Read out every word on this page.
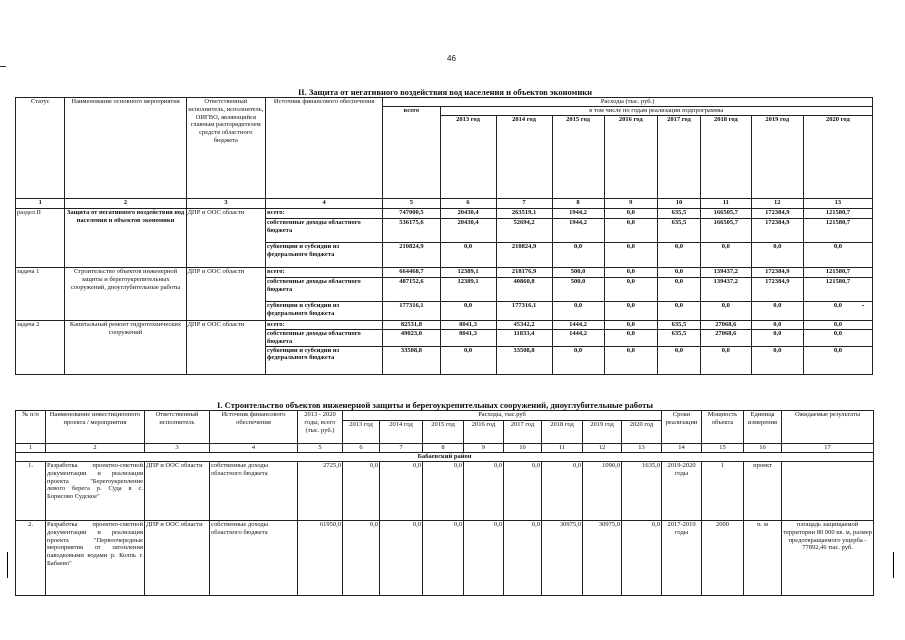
46
II. Защита от негативного воздействия вод населения и объектов экономики
Статус	Наименование основного мероприятия	Ответственный исполнитель, исполнитель, ОИГВО, являющийся главным распорядителем средств областного бюджета	Источник финансового обеспечения	Расходы (тыс. руб.)								
				всего	в том числе по годам реализации подпрограммы							
					2013 год	2014 год	2015 год	2016 год	2017 год	2018 год	2019 год	2020 год
1	2	3	4	5	6	7	8	9	10	11	12	13
раздел II	Защита от негативного воздействия вод населения и объектов экономики	ДПР и ООС области	всего:	747000,5	20430,4	263519,1	1944,2	0,0	635,5	166505,7	172384,9	121580,7
			собственные доходы областного бюджета	536175,6	20430,4	52694,2	1944,2	0,0	635,5	166505,7	172384,9	121580,7
			субвенции и субсидии из федерального бюджета	210824,9	0,0	210824,9	0,0	0,0	0,0	0,0	0,0	0,0
задача 1	Строительство объектов инженерной защиты и берегоукрепительных сооружений, дноуглубительные работы	ДПР и ООС области	всего:	664468,7	12389,1	218176,9	500,0	0,0	0,0	139437,2	172384,9	121580,7
			собственные доходы областного бюджета	487152,6	12389,1	40860,8	500,0	0,0	0,0	139437,2	172384,9	121580,7
			субвенции и субсидии из федерального бюджета	177316,1	0,0	177316,1	0,0	0,0	0,0	0,0	0,0	0,0
задача 2	Капитальный ремонт гидротехнических сооружений	ДПР и ООС области	всего:	82531,8	8041,3	45342,2	1444,2	0,0	635,5	27068,6	0,0	0,0
			собственные доходы областного бюджета	49023,0	8041,3	11833,4	1444,2	0,0	635,5	27068,6	0,0	0,0
			субвенции и субсидии из федерального бюджета	33508,8	0,0	33508,8	0,0	0,0	0,0	0,0	0,0	0,0
I. Строительство объектов инженерной защиты и берегоукрепительных сооружений, дноуглубительные работы
№ п/п	Наименование инвестиционного проекта / мероприятия	Ответственный исполнитель	Источник финансового обеспечения	2013 - 2020 годы, всего (тыс. руб.)	Расходы, тыс.руб								Сроки реализации	Мощность объекта	Единица измерения	Ожидаемые результаты
					2013 год	2014 год	2015 год	2016 год	2017 год	2018 год	2019 год	2020 год				
1	2	3	4	5	6	7	8	9	10	11	12	13	14	15	16	17
Бабаевский район																
1.	Разработка проектно-сметной документации и реализация проекта "Берегоукрепление левого берега р. Суда в с. Борисово Судское"	ДПР и ООС области	собственные доходы областного бюджета	2725,0	0,0	0,0	0,0	0,0	0,0	0,0	1090,0	1635,0	2019-2020 годы	1	проект	
2.	Разработка проектно-сметной документации и реализация проекта "Первоочередные мероприятия от затопления паводковыми водами р. Колпь г. Бабаево"	ДПР и ООС области	собственные доходы областного бюджета	61950,0	0,0	0,0	0,0	0,0	0,0	30975,0	30975,0	0,0	2017-2019 годы	2000	п. м	площадь защищаемой территории 80 000 кв. м, размер предотвращаемого ущерба - 77892,46 тыс. руб.
